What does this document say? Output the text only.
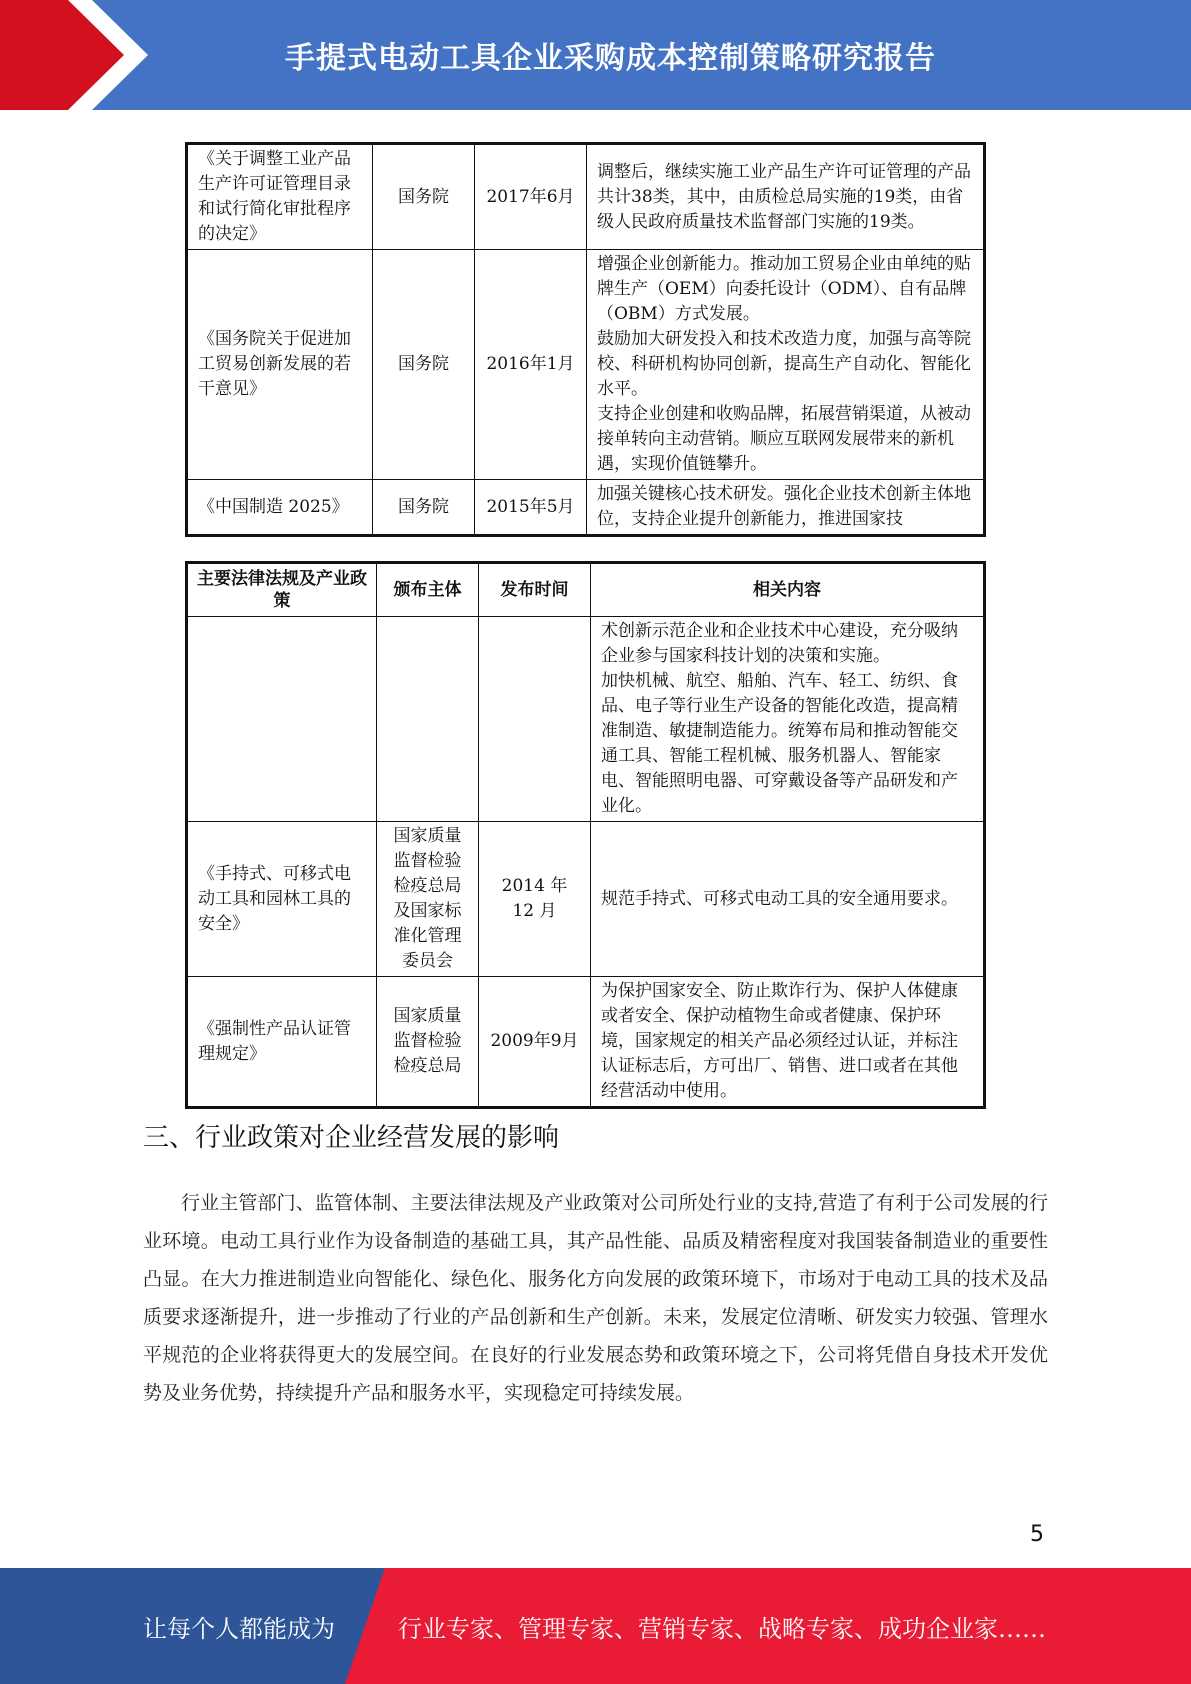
手提式电动工具企业采购成本控制策略研究报告
《关于调整工业产品生产许可证管理目录和试行简化审批程序的决定》	国务院	2017年6月	调整后，继续实施工业产品生产许可证管理的产品共计38类，其中，由质检总局实施的19类，由省级人民政府质量技术监督部门实施的19类。

《国务院关于促进加工贸易创新发展的若干意见》	国务院	2016年1月	增强企业创新能力。推动加工贸易企业由单纯的贴牌生产（OEM）向委托设计（ODM）、自有品牌（OBM）方式发展。

鼓励加大研发投入和技术改造力度，加强与高等院校、科研机构协同创新，提高生产自动化、智能化水平。

支持企业创建和收购品牌，拓展营销渠道，从被动接单转向主动营销。顺应互联网发展带来的新机遇，实现价值链攀升。

《中国制造 2025》	国务院	2015年5月	加强关键核心技术研发。强化企业技术创新主体地位，支持企业提升创新能力，推进国家技

主要法律法规及产业政策	颁布主体	发布时间	相关内容

			术创新示范企业和企业技术中心建设，充分吸纳企业参与国家科技计划的决策和实施。

加快机械、航空、船舶、汽车、轻工、纺织、食品、电子等行业生产设备的智能化改造，提高精准制造、敏捷制造能力。统筹布局和推动智能交通工具、智能工程机械、服务机器人、智能家电、智能照明电器、可穿戴设备等产品研发和产业化。

《手持式、可移式电动工具和园林工具的安全》	国家质量监督检验检疫总局及国家标准化管理委员会	2014 年 12 月	规范手持式、可移式电动工具的安全通用要求。

《强制性产品认证管理规定》	国家质量监督检验检疫总局	2009年9月	为保护国家安全、防止欺诈行为、保护人体健康或者安全、保护动植物生命或者健康、保护环境，国家规定的相关产品必须经过认证，并标注认证标志后，方可出厂、销售、进口或者在其他经营活动中使用。

三、行业政策对企业经营发展的影响

行业主管部门、监管体制、主要法律法规及产业政策对公司所处行业的支持,营造了有利于公司发展的行业环境。电动工具行业作为设备制造的基础工具，其产品性能、品质及精密程度对我国装备制造业的重要性凸显。在大力推进制造业向智能化、绿色化、服务化方向发展的政策环境下，市场对于电动工具的技术及品质要求逐渐提升，进一步推动了行业的产品创新和生产创新。未来，发展定位清晰、研发实力较强、管理水平规范的企业将获得更大的发展空间。在良好的行业发展态势和政策环境之下，公司将凭借自身技术开发优势及业务优势，持续提升产品和服务水平，实现稳定可持续发展。

5
让每个人都能成为	行业专家、管理专家、营销专家、战略专家、成功企业家……
